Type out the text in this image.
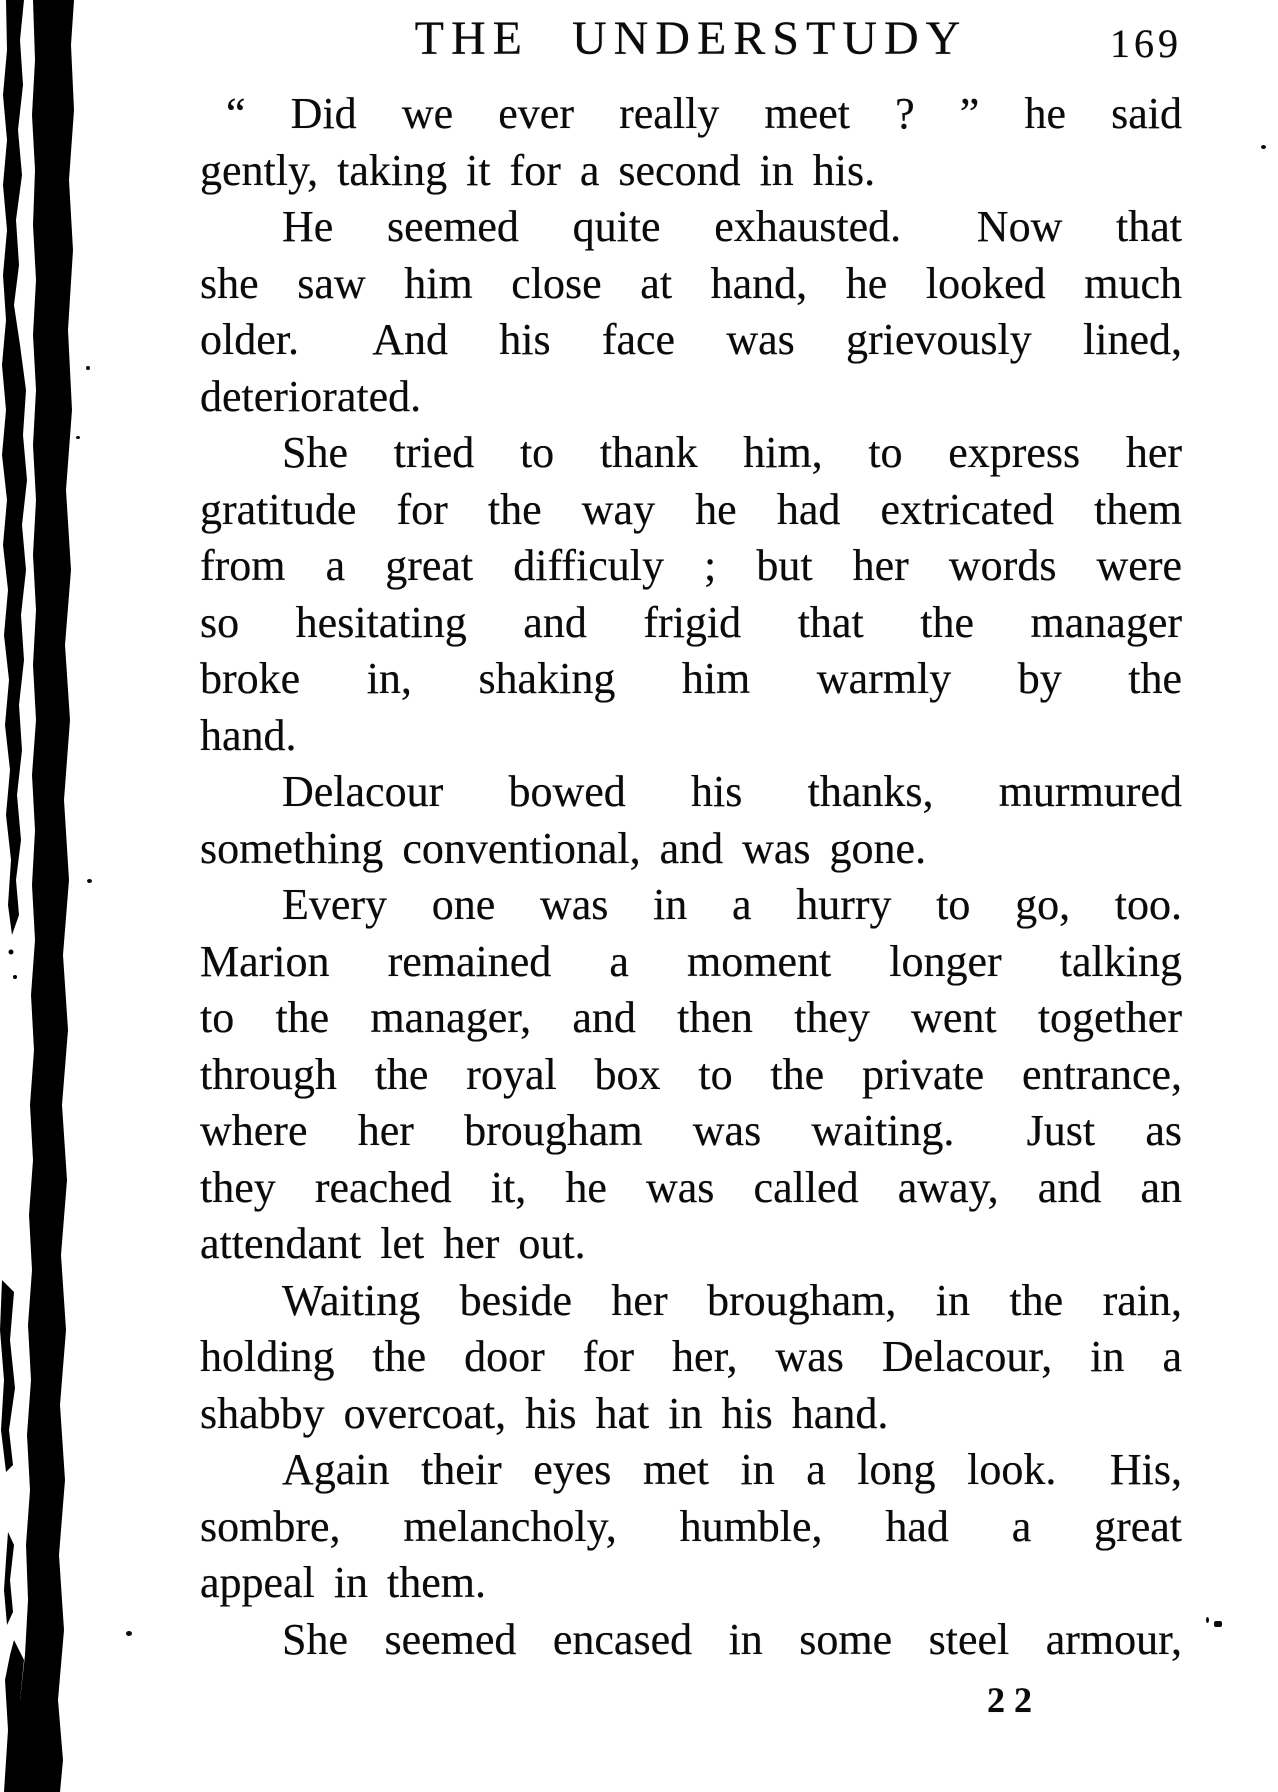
THE UNDERSTUDY	169
“ Did we ever really meet ? ” he said
gently, taking it for a second in his.
He seemed quite exhausted.  Now that
she saw him close at hand, he looked much
older.  And his face was grievously lined,
deteriorated.
She tried to thank him, to express her
gratitude for the way he had extricated them
from a great difficuly ; but her words were
so hesitating and frigid that the manager
broke in, shaking him warmly by the
hand.
Delacour bowed his thanks, murmured
something conventional, and was gone.
Every one was in a hurry to go, too.
Marion remained a moment longer talking
to the manager, and then they went together
through the royal box to the private entrance,
where her brougham was waiting.  Just as
they reached it, he was called away, and an
attendant let her out.
Waiting beside her brougham, in the rain,
holding the door for her, was Delacour, in a
shabby overcoat, his hat in his hand.
Again their eyes met in a long look.  His,
sombre, melancholy, humble, had a great
appeal in them.
She seemed encased in some steel armour,
22
